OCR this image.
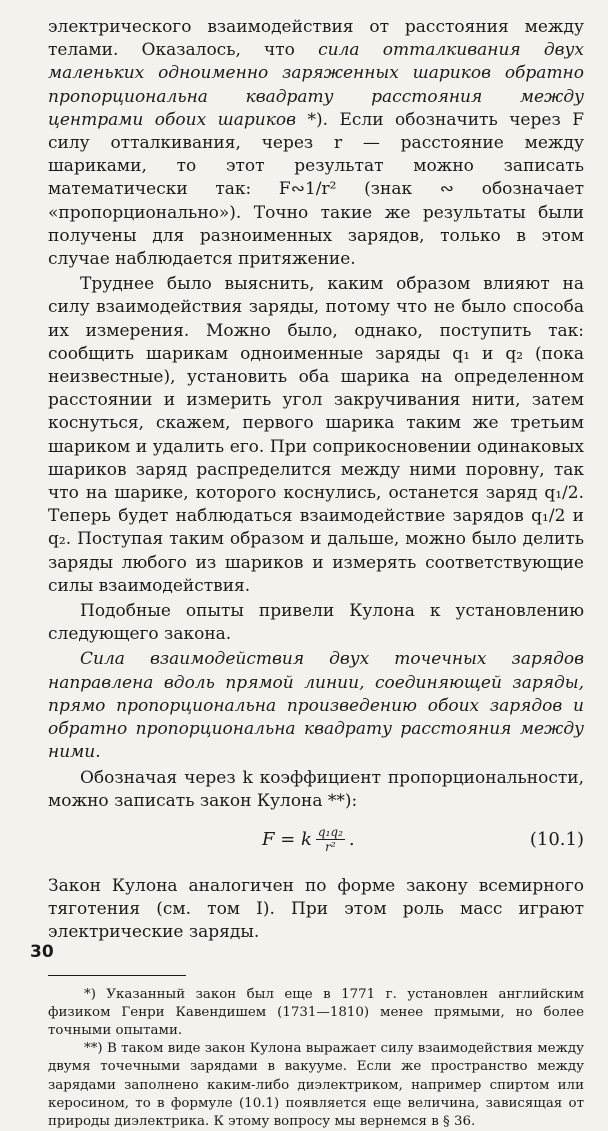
электрического взаимодействия от расстояния между телами. Оказалось, что сила отталкивания двух маленьких одноименно заряженных шариков обратно пропорциональна квадрату расстояния между центрами обоих шариков *). Если обозначить через F силу отталкивания, через r — расстояние между шариками, то этот результат можно записать математически так: F∾1/r² (знак ∾ обозначает «пропорционально»). Точно такие же результаты были получены для разноименных зарядов, только в этом случае наблюдается притяжение.

Труднее было выяснить, каким образом влияют на силу взаимодействия заряды, потому что не было способа их измерения. Можно было, однако, поступить так: сообщить шарикам одноименные заряды q₁ и q₂ (пока неизвестные), установить оба шарика на определенном расстоянии и измерить угол закручивания нити, затем коснуться, скажем, первого шарика таким же третьим шариком и удалить его. При соприкосновении одинаковых шариков заряд распределится между ними поровну, так что на шарике, которого коснулись, останется заряд q₁/2. Теперь будет наблюдаться взаимодействие зарядов q₁/2 и q₂. Поступая таким образом и дальше, можно было делить заряды любого из шариков и измерять соответствующие силы взаимодействия.

Подобные опыты привели Кулона к установлению следующего закона.

Сила взаимодействия двух точечных зарядов направлена вдоль прямой линии, соединяющей заряды, прямо пропорциональна произведению обоих зарядов и обратно пропорциональна квадрату расстояния между ними.

Обозначая через k коэффициент пропорциональности, можно записать закон Кулона **):

F = k $\frac{\text{q₁q₂}}{\text{r²}}$ .	(10.1)

Закон Кулона аналогичен по форме закону всемирного тяготения (см. том I). При этом роль масс играют электрические заряды.

*) Указанный закон был еще в 1771 г. установлен английским физиком Генри Кавендишем (1731—1810) менее прямыми, но более точными опытами.

**) В таком виде закон Кулона выражает силу взаимодействия между двумя точечными зарядами в вакууме. Если же пространство между зарядами заполнено каким-либо диэлектриком, например спиртом или керосином, то в формуле (10.1) появляется еще величина, зависящая от природы диэлектрика. К этому вопросу мы вернемся в § 36.

30
